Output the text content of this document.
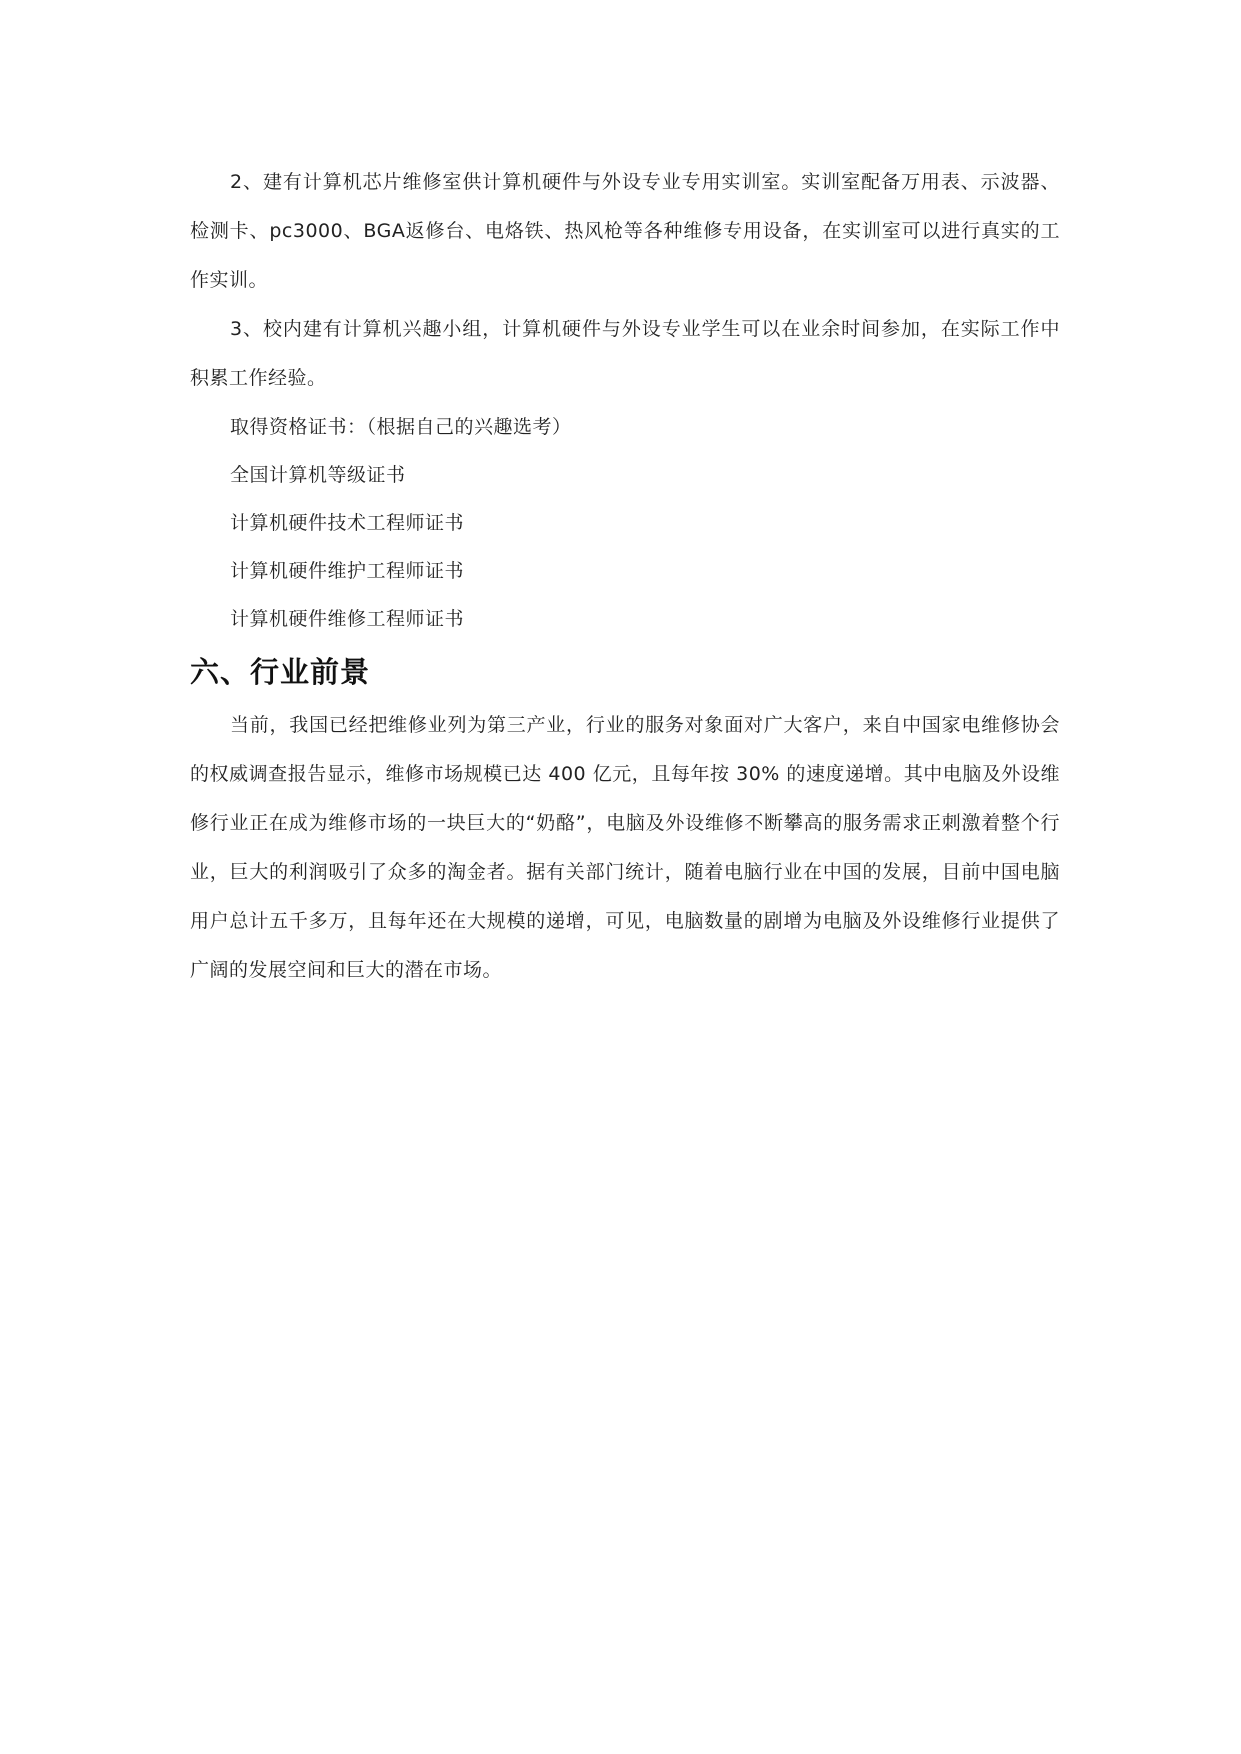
2、建有计算机芯片维修室供计算机硬件与外设专业专用实训室。实训室配备万用表、示波器、检测卡、pc3000、BGA返修台、电烙铁、热风枪等各种维修专用设备，在实训室可以进行真实的工作实训。

3、校内建有计算机兴趣小组，计算机硬件与外设专业学生可以在业余时间参加，在实际工作中积累工作经验。

取得资格证书：（根据自己的兴趣选考）

全国计算机等级证书

计算机硬件技术工程师证书

计算机硬件维护工程师证书

计算机硬件维修工程师证书

六、行业前景

当前，我国已经把维修业列为第三产业，行业的服务对象面对广大客户，来自中国家电维修协会的权威调查报告显示，维修市场规模已达 400 亿元，且每年按 30% 的速度递增。其中电脑及外设维修行业正在成为维修市场的一块巨大的“奶酪”，电脑及外设维修不断攀高的服务需求正刺激着整个行业，巨大的利润吸引了众多的淘金者。据有关部门统计，随着电脑行业在中国的发展，目前中国电脑用户总计五千多万，且每年还在大规模的递增，可见，电脑数量的剧增为电脑及外设维修行业提供了广阔的发展空间和巨大的潜在市场。
